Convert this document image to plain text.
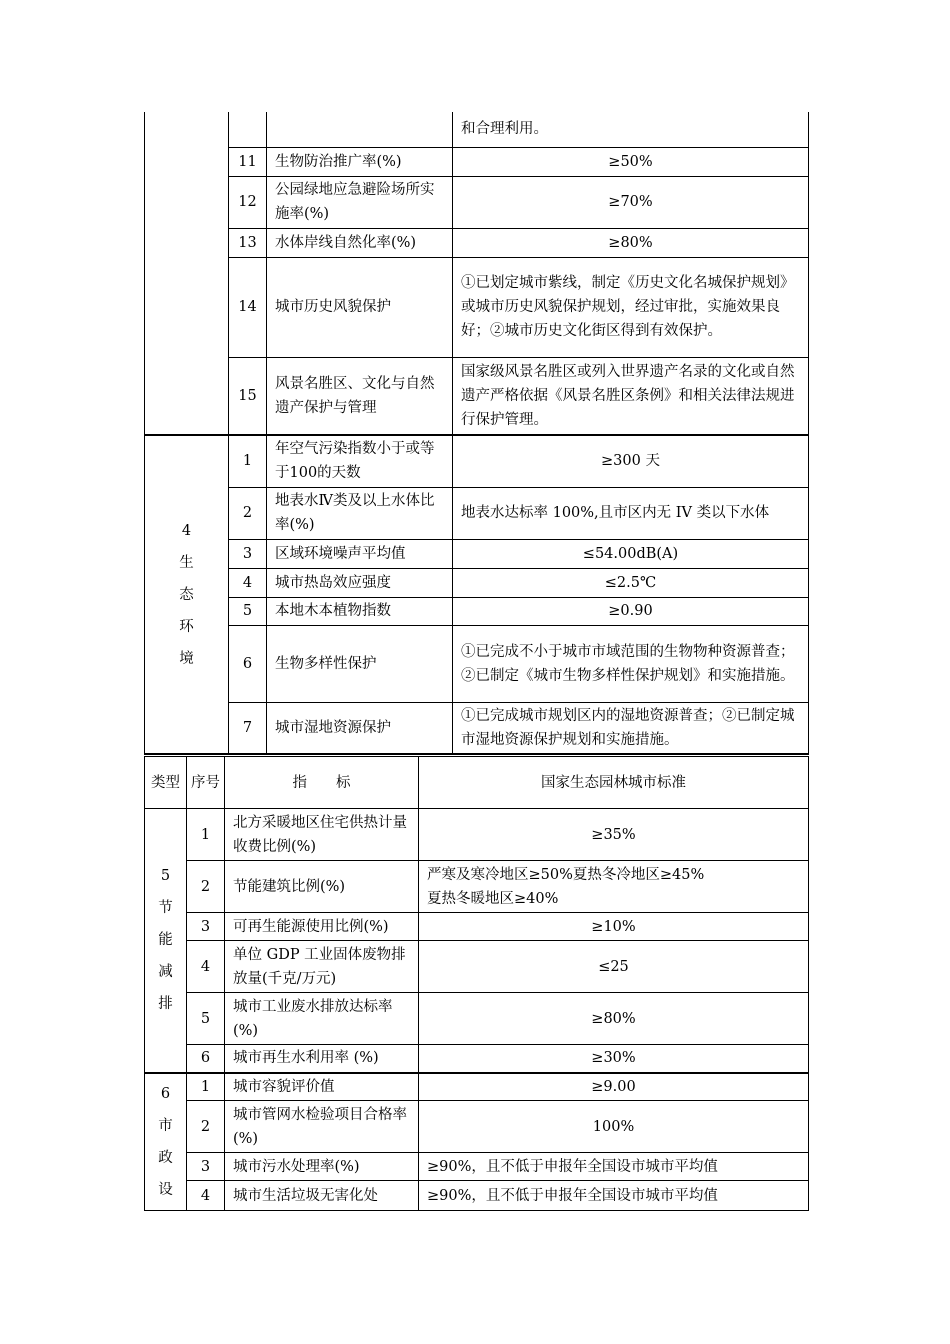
			和合理利用。
	11	生物防治推广率(%)	≥50%
	12	公园绿地应急避险场所实施率(%)	≥70%
	13	水体岸线自然化率(%)	≥80%
	14	城市历史风貌保护	①已划定城市紫线，制定《历史文化名城保护规划》或城市历史风貌保护规划，经过审批，实施效果良好；②城市历史文化街区得到有效保护。
	15	风景名胜区、文化与自然遗产保护与管理	国家级风景名胜区或列入世界遗产名录的文化或自然遗产严格依据《风景名胜区条例》和相关法律法规进行保护管理。

4
生
态
环
境	1	年空气污染指数小于或等于100的天数	≥300 天
	2	地表水Ⅳ类及以上水体比率(%)	地表水达标率 100%,且市区内无 IV 类以下水体
	3	区域环境噪声平均值	≤54.00dB(A)
	4	城市热岛效应强度	≤2.5℃
	5	本地木本植物指数	≥0.90
	6	生物多样性保护	①已完成不小于城市市域范围的生物物种资源普查；②已制定《城市生物多样性保护规划》和实施措施。
	7	城市湿地资源保护	①已完成城市规划区内的湿地资源普查；②已制定城市湿地资源保护规划和实施措施。
类型	序号	指　　标	国家生态园林城市标准

5
节
能
减
排	1	北方采暖地区住宅供热计量收费比例(%)	≥35%
	2	节能建筑比例(%)	严寒及寒冷地区≥50%夏热冬冷地区≥45%
夏热冬暖地区≥40%

	3	可再生能源使用比例(%)	≥10%
	4	单位 GDP 工业固体废物排放量(千克/万元)	≤25
	5	城市工业废水排放达标率(%)	≥80%
	6	城市再生水利用率 (%)	≥30%

6
市
政
设	1	城市容貌评价值	≥9.00
	2	城市管网水检验项目合格率(%)	100%
	3	城市污水处理率(%)	≥90%，且不低于申报年全国设市城市平均值
	4	城市生活垃圾无害化处	≥90%，且不低于申报年全国设市城市平均值
